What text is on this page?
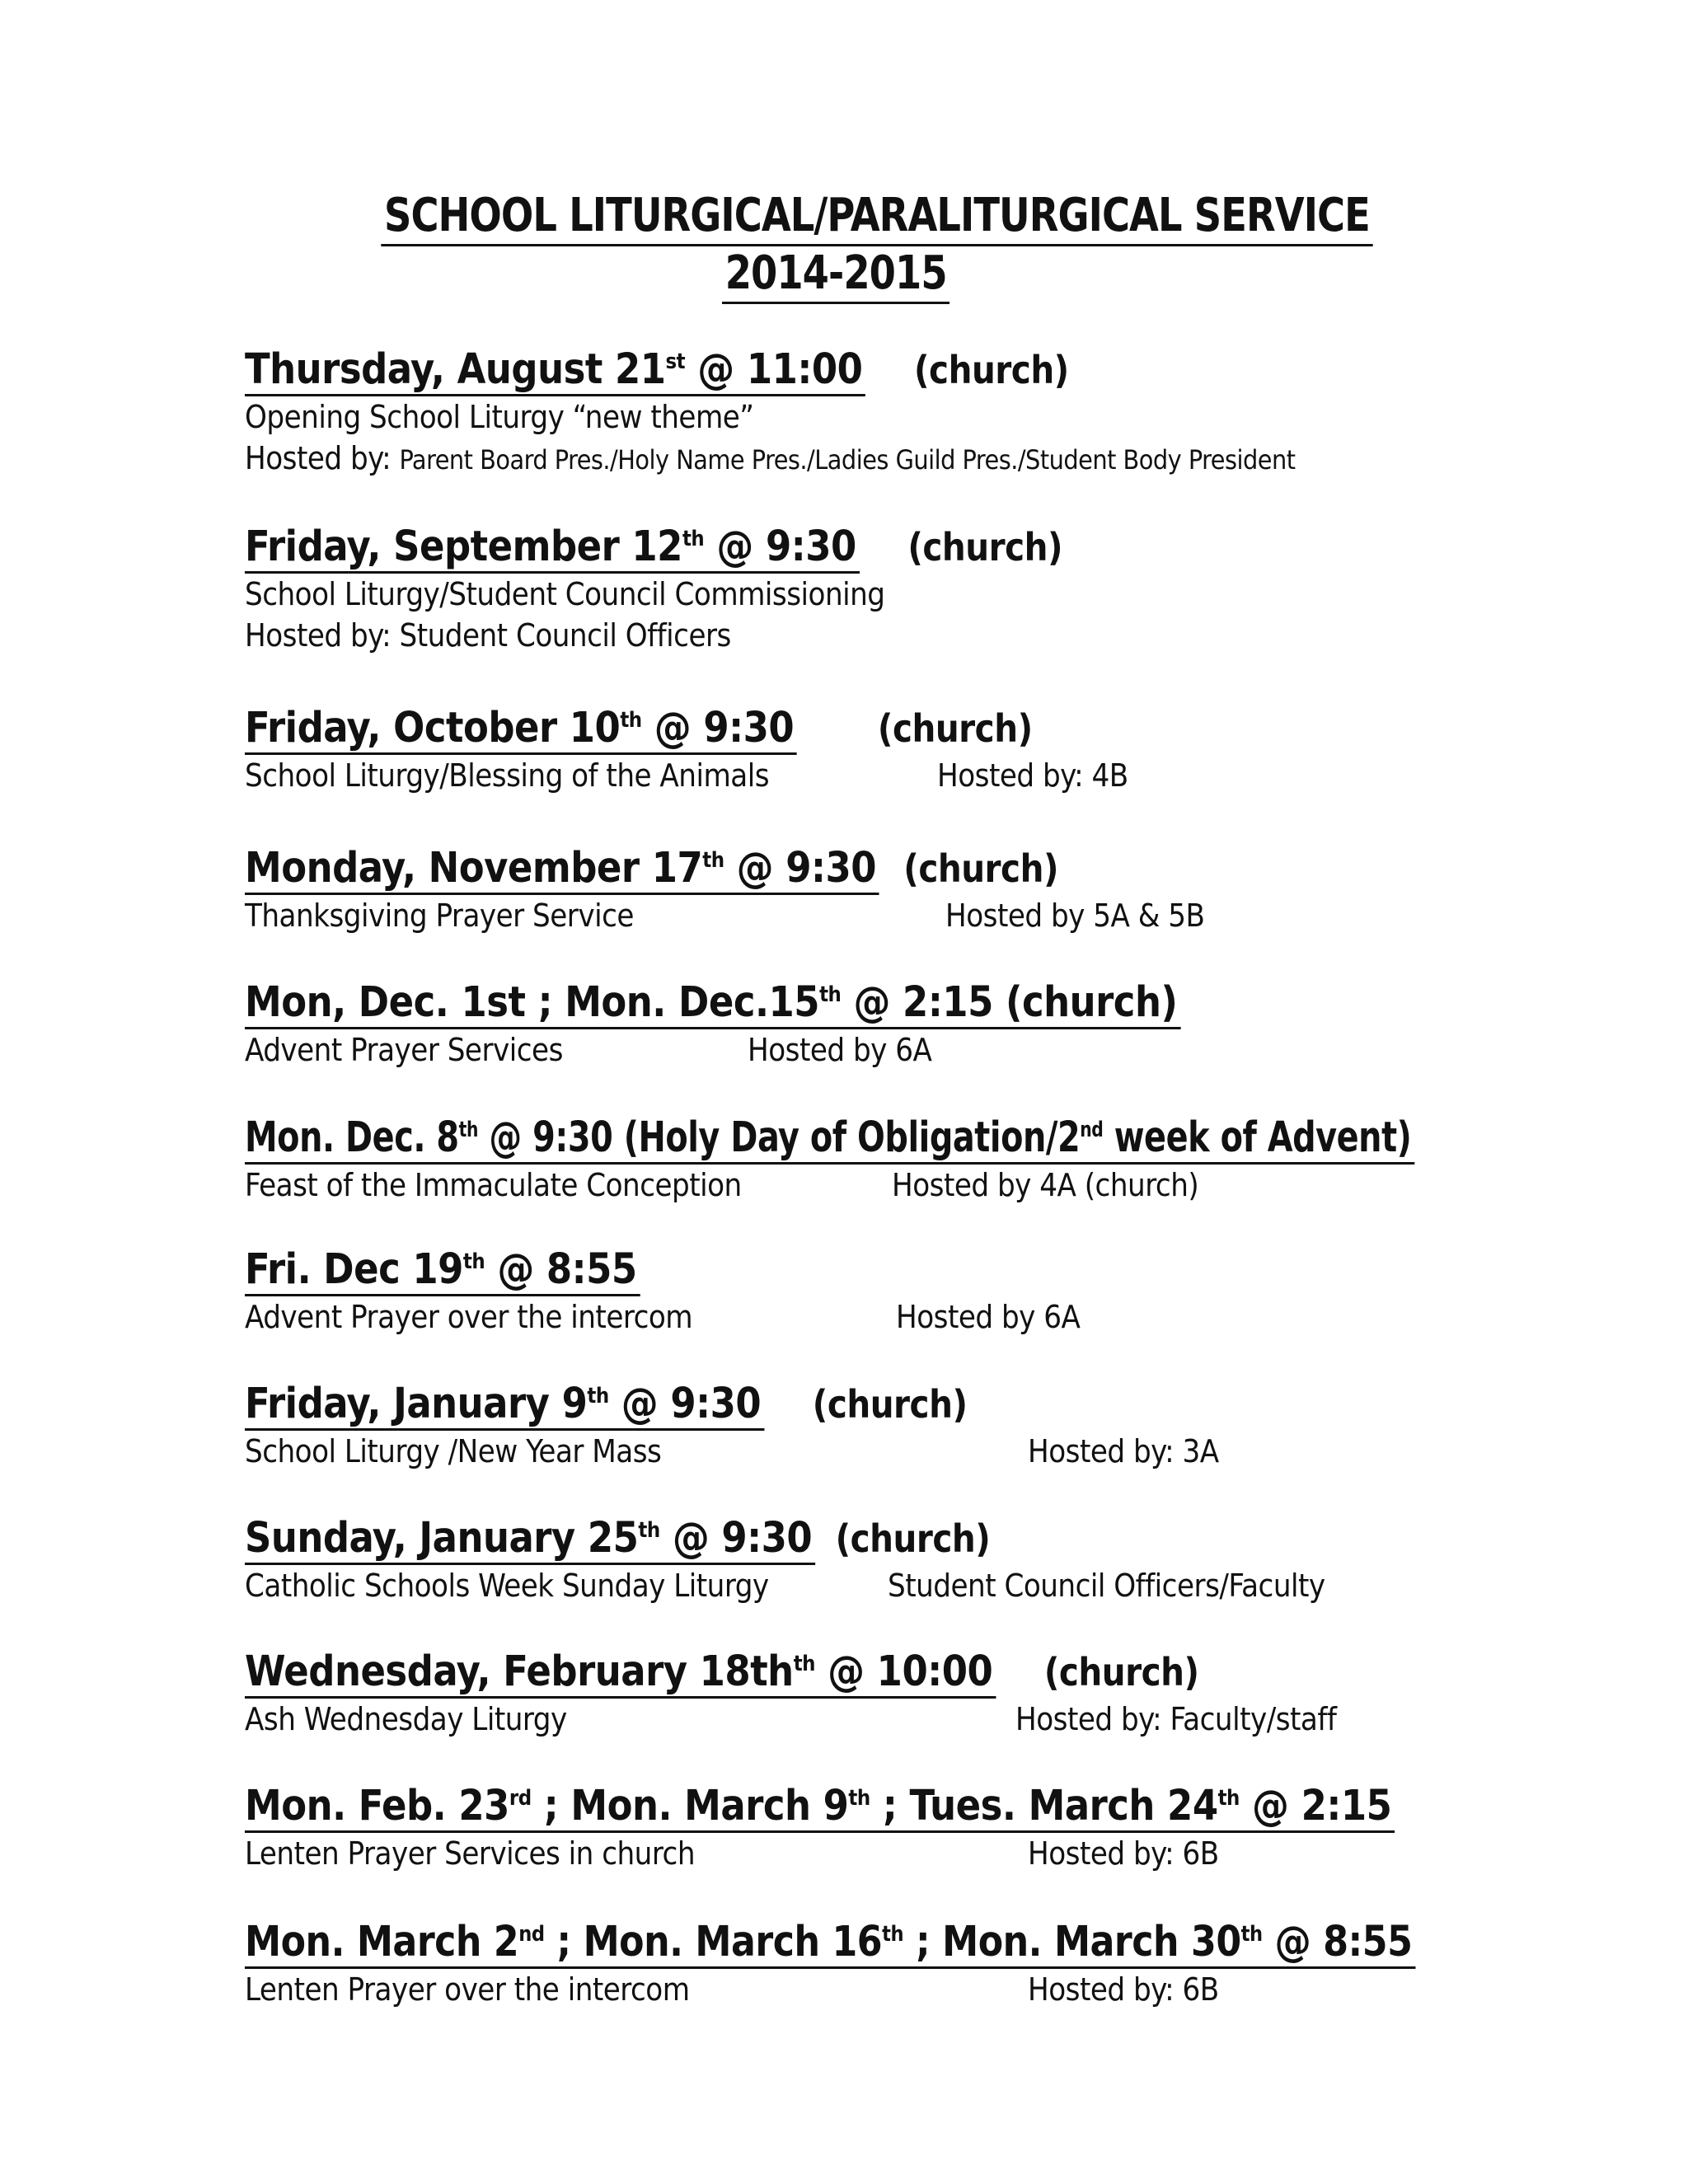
SCHOOL LITURGICAL/PARALITURGICAL SERVICE
2014-2015
Thursday, August 21st @ 11:00 (church)
Opening School Liturgy “new theme”
Hosted by: Parent Board Pres./Holy Name Pres./Ladies Guild Pres./Student Body President
Friday, September 12th @ 9:30 (church)
School Liturgy/Student Council Commissioning
Hosted by: Student Council Officers
Friday, October 10th @ 9:30 (church)
School Liturgy/Blessing of the Animals	Hosted by: 4B
Monday, November 17th @ 9:30 (church)
Thanksgiving Prayer Service	Hosted by 5A & 5B
Mon, Dec. 1st ; Mon. Dec.15th @ 2:15 (church)
Advent Prayer Services	Hosted by 6A
Mon. Dec. 8th @ 9:30 (Holy Day of Obligation/2nd week of Advent)
Feast of the Immaculate Conception	Hosted by 4A (church)
Fri. Dec 19th @ 8:55
Advent Prayer over the intercom	Hosted by 6A
Friday, January 9th @ 9:30 (church)
School Liturgy /New Year Mass	Hosted by: 3A
Sunday, January 25th @ 9:30 (church)
Catholic Schools Week Sunday Liturgy	Student Council Officers/Faculty
Wednesday, February $18th^{th}$ @ 10:00 (church)
Ash Wednesday Liturgy	Hosted by: Faculty/staff
Mon. Feb. 23rd ; Mon. March 9th ; Tues. March 24th @ 2:15
Lenten Prayer Services in church	Hosted by: 6B
Mon. March 2nd ; Mon. March 16th ; Mon. March 30th @ 8:55
Lenten Prayer over the intercom	Hosted by: 6B
